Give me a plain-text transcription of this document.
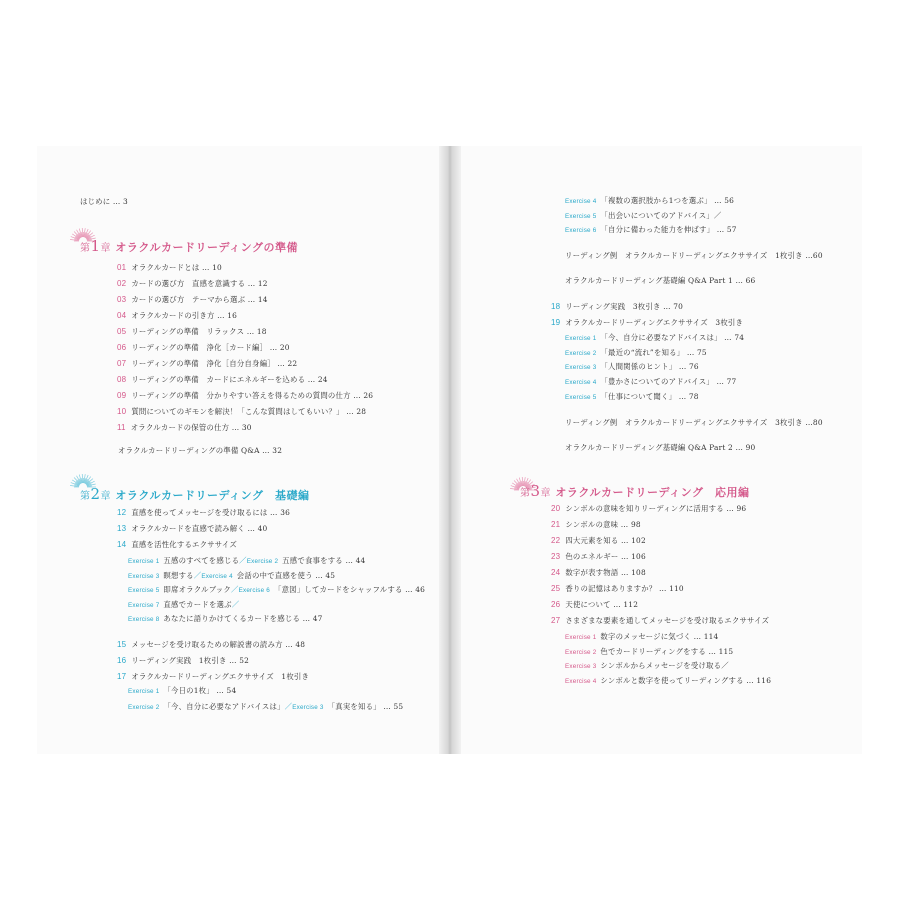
はじめに … 3
第1章 オラクルカードリーディングの準備
01 オラクルカードとは … 10
02 カードの選び方　直感を意識する … 12
03 カードの選び方　テーマから選ぶ … 14
04 オラクルカードの引き方 … 16
05 リーディングの準備　リラックス … 18
06 リーディングの準備　浄化［カード編］ … 20
07 リーディングの準備　浄化［自分自身編］ … 22
08 リーディングの準備　カードにエネルギーを込める … 24
09 リーディングの準備　分かりやすい答えを得るための質問の仕方 … 26
10 質問についてのギモンを解決！「こんな質問はしてもいい？」 … 28
11 オラクルカードの保管の仕方 … 30
オラクルカードリーディングの準備 Q&A … 32
第2章 オラクルカードリーディング　基礎編
12 直感を使ってメッセージを受け取るには … 36
13 オラクルカードを直感で読み解く … 40
14 直感を活性化するエクササイズ
Exercise 1 五感のすべてを感じる／Exercise 2 五感で食事をする … 44
Exercise 3 瞑想する／Exercise 4 会話の中で直感を使う … 45
Exercise 5 即席オラクルブック／Exercise 6 「意図」してカードをシャッフルする … 46
Exercise 7 直感でカードを選ぶ／
Exercise 8 あなたに語りかけてくるカードを感じる … 47
15 メッセージを受け取るための解説書の読み方 … 48
16 リーディング実践　1枚引き … 52
17 オラクルカードリーディングエクササイズ　1枚引き
Exercise 1 「今日の1枚」 … 54
Exercise 2 「今、自分に必要なアドバイスは」／Exercise 3 「真実を知る」 … 55
Exercise 4 「複数の選択肢から1つを選ぶ」 … 56
Exercise 5 「出会いについてのアドバイス」／
Exercise 6 「自分に備わった能力を伸ばす」 … 57
リーディング例　オラクルカードリーディングエクササイズ　1枚引き …60
オラクルカードリーディング基礎編 Q&A Part 1 … 66
18 リーディング実践　3枚引き … 70
19 オラクルカードリーディングエクササイズ　3枚引き
Exercise 1 「今、自分に必要なアドバイスは」 … 74
Exercise 2 「最近の“流れ”を知る」 … 75
Exercise 3 「人間関係のヒント」 … 76
Exercise 4 「豊かさについてのアドバイス」 … 77
Exercise 5 「仕事について聞く」 … 78
リーディング例　オラクルカードリーディングエクササイズ　3枚引き …80
オラクルカードリーディング基礎編 Q&A Part 2 … 90
第3章 オラクルカードリーディング　応用編
20 シンボルの意味を知りリーディングに活用する … 96
21 シンボルの意味 … 98
22 四大元素を知る … 102
23 色のエネルギー … 106
24 数字が表す物語 … 108
25 香りの記憶はありますか？ … 110
26 天使について … 112
27 さまざまな要素を通してメッセージを受け取るエクササイズ
Exercise 1 数字のメッセージに気づく … 114
Exercise 2 色でカードリーディングをする … 115
Exercise 3 シンボルからメッセージを受け取る／
Exercise 4 シンボルと数字を使ってリーディングする … 116
